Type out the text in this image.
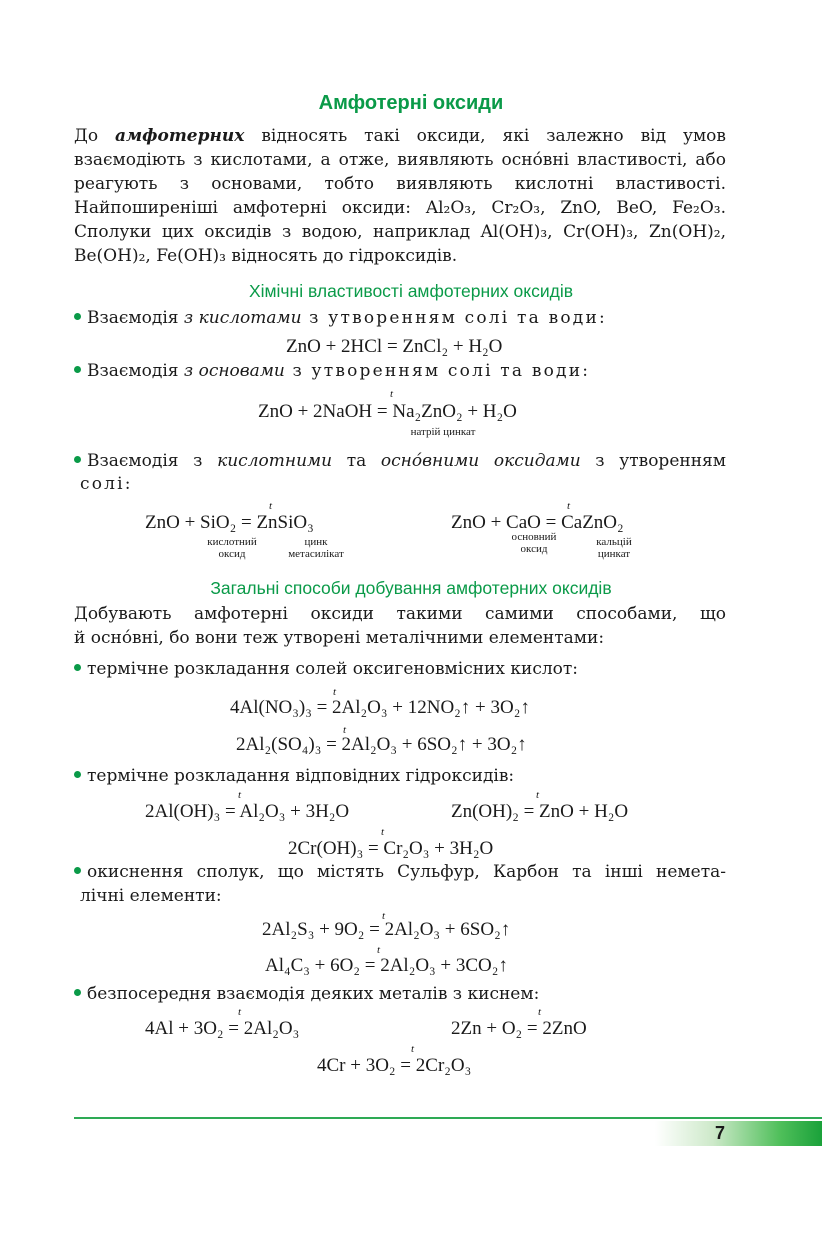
Амфотерні оксиди
До амфотерних відносять такі оксиди, які залежно від умов взаємодіють з кислотами, а отже, виявляють осно́вні властивості, або реагують з основами, тобто виявляють кислотні властивості. Найпоширеніші амфотерні оксиди: Al₂O₃, Cr₂O₃, ZnO, BeO, Fe₂O₃. Сполуки цих оксидів з водою, наприклад Al(OH)₃, Cr(OH)₃, Zn(OH)₂, Be(OH)₂, Fe(OH)₃ відносять до гідроксидів.
Хімічні властивості амфотерних оксидів
Взаємодія з кислотами з утворенням солі та води:
ZnO + 2HCl = ZnCl₂ + H₂O
Взаємодія з основами з утворенням солі та води:
t
ZnO + 2NaOH = Na₂ZnO₂ + H₂O
натрій цинкат
Взаємодія з кислотними та осно́вними оксидами з утворенням
солі:
t
ZnO + SiO₂ = ZnSiO₃
кислотний оксид
цинк метасилікат
t
ZnO + CaO = CaZnO₂
основний оксид
кальцій цинкат
Загальні способи добування амфотерних оксидів
Добувають амфотерні оксиди такими самими способами, що
й осно́вні, бо вони теж утворені металічними елементами:
термічне розкладання солей оксигеновмісних кислот:
t
4Al(NO₃)₃ = 2Al₂O₃ + 12NO₂↑ + 3O₂↑
t
2Al₂(SO₄)₃ = 2Al₂O₃ + 6SO₂↑ + 3O₂↑
термічне розкладання відповідних гідроксидів:
t
2Al(OH)₃ = Al₂O₃ + 3H₂O
t
Zn(OH)₂ = ZnO + H₂O
t
2Cr(OH)₃ = Cr₂O₃ + 3H₂O
окиснення сполук, що містять Сульфур, Карбон та інші немета-
лічні елементи:
t
2Al₂S₃ + 9O₂ = 2Al₂O₃ + 6SO₂↑
t
Al₄C₃ + 6O₂ = 2Al₂O₃ + 3CO₂↑
безпосередня взаємодія деяких металів з киснем:
t
4Al + 3O₂ = 2Al₂O₃
t
2Zn + O₂ = 2ZnO
t
4Cr + 3O₂ = 2Cr₂O₃
7
